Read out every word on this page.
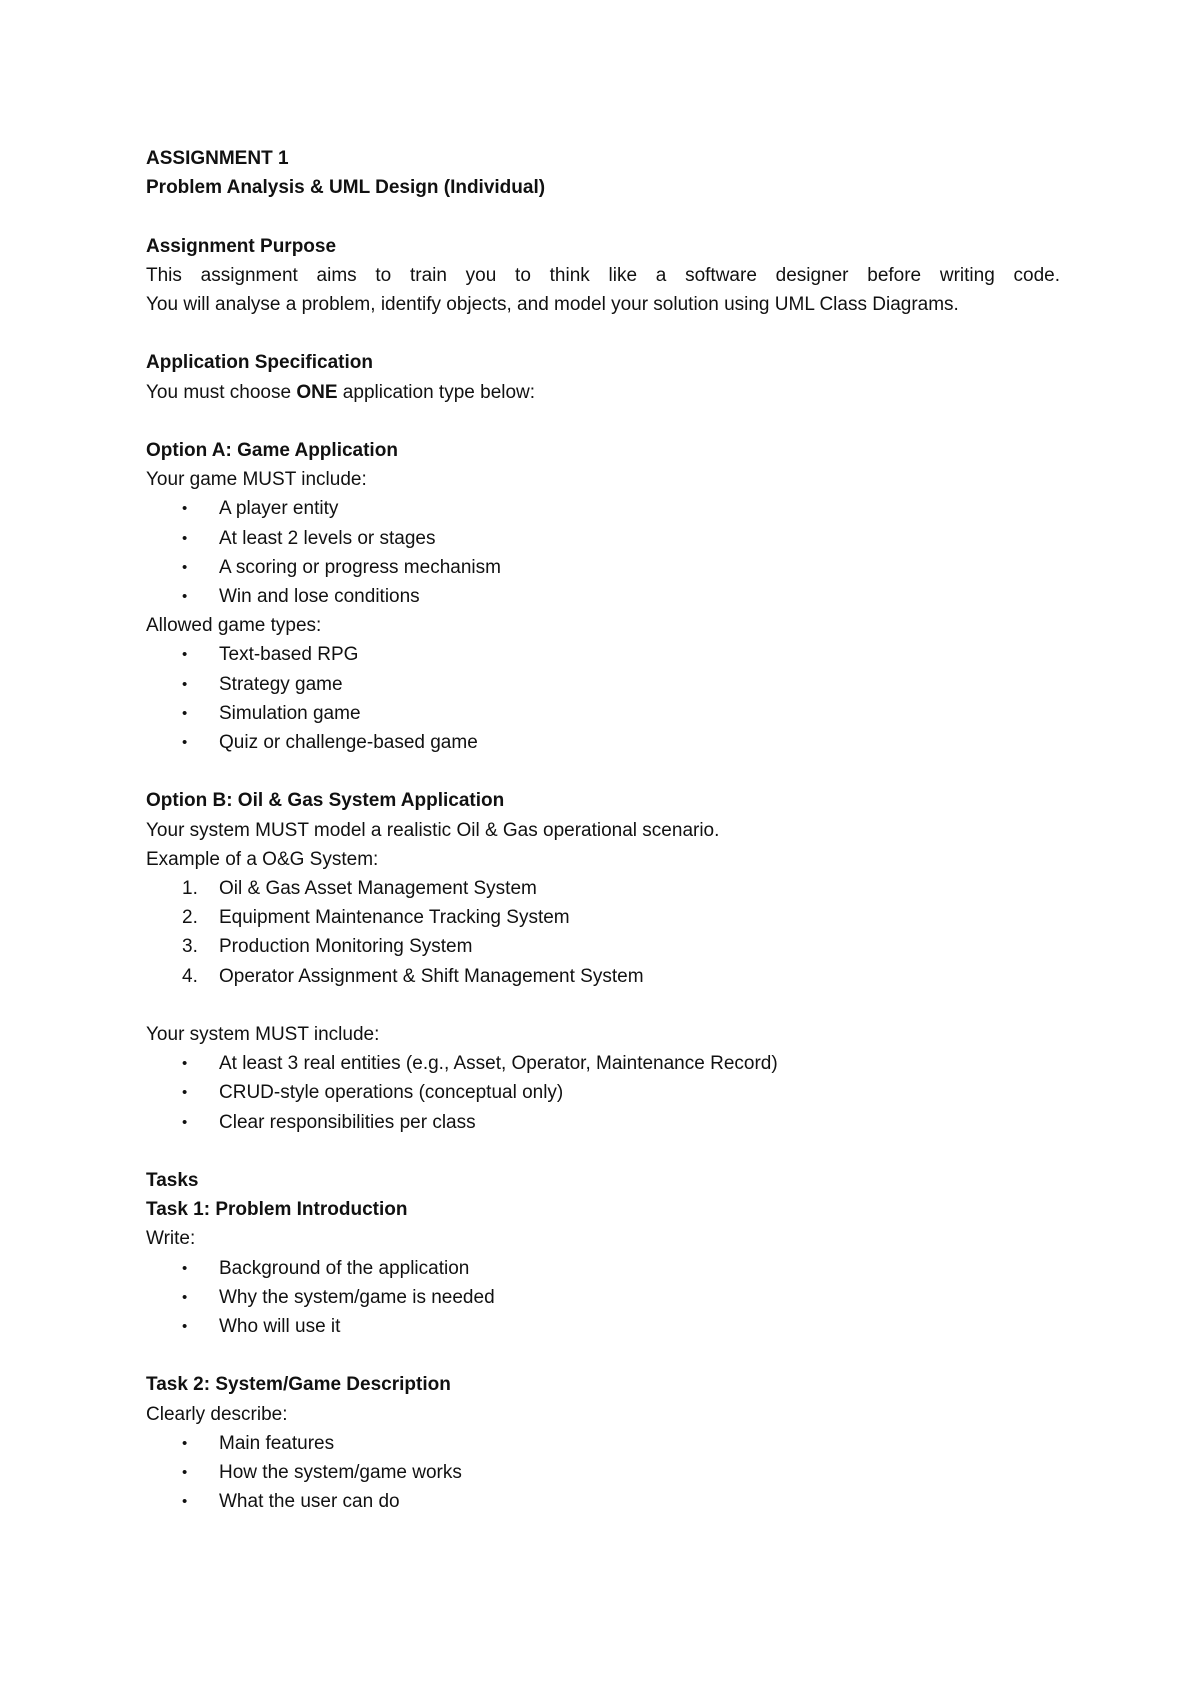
ASSIGNMENT 1

Problem Analysis & UML Design (Individual)

Assignment Purpose

This assignment aims to train you to think like a software designer before writing code.

You will analyse a problem, identify objects, and model your solution using UML Class Diagrams.

Application Specification

You must choose ONE application type below:

Option A: Game Application

Your game MUST include:

• A player entity
• At least 2 levels or stages
• A scoring or progress mechanism
• Win and lose conditions

Allowed game types:

• Text-based RPG
• Strategy game
• Simulation game
• Quiz or challenge-based game

Option B: Oil & Gas System Application

Your system MUST model a realistic Oil & Gas operational scenario.

Example of a O&G System:

1. Oil & Gas Asset Management System
2. Equipment Maintenance Tracking System
3. Production Monitoring System
4. Operator Assignment & Shift Management System

Your system MUST include:

• At least 3 real entities (e.g., Asset, Operator, Maintenance Record)
• CRUD-style operations (conceptual only)
• Clear responsibilities per class

Tasks

Task 1: Problem Introduction

Write:

• Background of the application
• Why the system/game is needed
• Who will use it

Task 2: System/Game Description

Clearly describe:

• Main features
• How the system/game works
• What the user can do
